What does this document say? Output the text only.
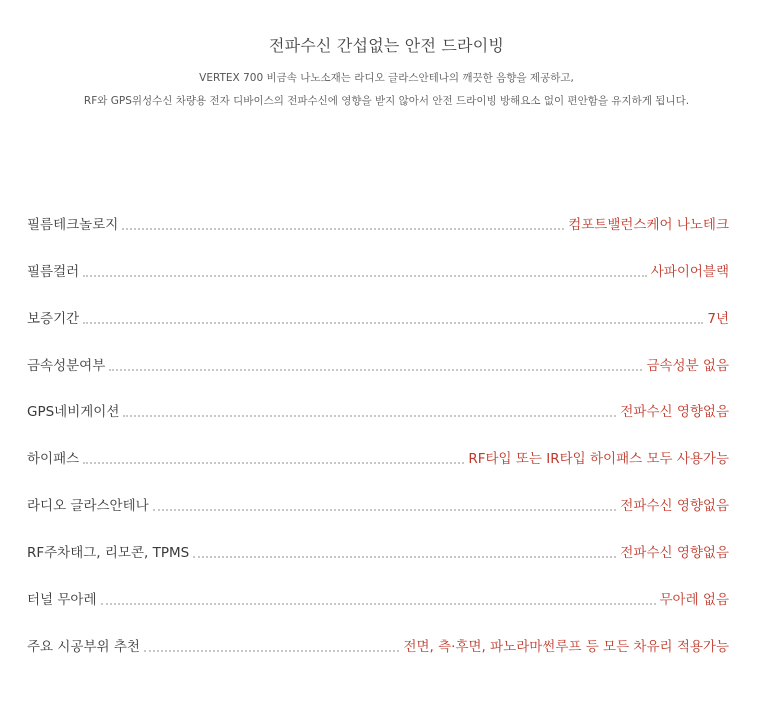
전파수신 간섭없는 안전 드라이빙
VERTEX 700 비금속 나노소재는 라디오 글라스안테나의 깨끗한 음향을 제공하고,
RF와 GPS위성수신 차량용 전자 디바이스의 전파수신에 영향을 받지 않아서 안전 드라이빙 방해요소 없이 편안함을 유지하게 됩니다.
필름테크놀로지	컴포트밸런스케어 나노테크
필름컬러	사파이어블랙
보증기간	7년
금속성분여부	금속성분 없음
GPS네비게이션	전파수신 영향없음
하이패스	RF타입 또는 IR타입 하이패스 모두 사용가능
라디오 글라스안테나	전파수신 영향없음
RF주차태그, 리모콘, TPMS	전파수신 영향없음
터널 무아레	무아레 없음
주요 시공부위 추천	전면, 측·후면, 파노라마썬루프 등 모든 차유리 적용가능
